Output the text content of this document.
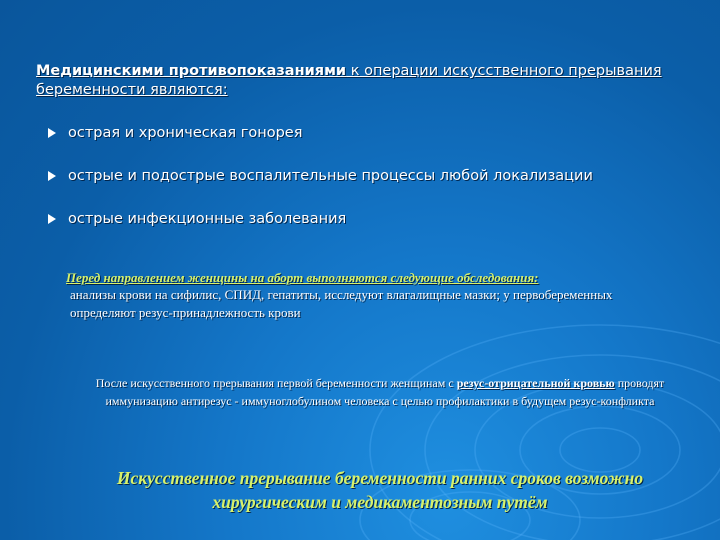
Медицинскими противопоказаниями к операции искусственного прерывания беременности являются:
острая и хроническая гонорея
острые и подострые воспалительные процессы любой локализации
острые инфекционные заболевания
Перед направлением женщины на аборт выполняются следующие обследования:
анализы крови на сифилис, СПИД, гепатиты, исследуют влагалищные мазки; у первобеременных определяют резус-принадлежность крови
После искусственного прерывания первой беременности женщинам с резус-отрицательной кровью проводят иммунизацию антирезус - иммуноглобулином человека с целью профилактики в будущем резус-конфликта
Искусственное прерывание беременности ранних сроков возможно хирургическим и медикаментозным путём
